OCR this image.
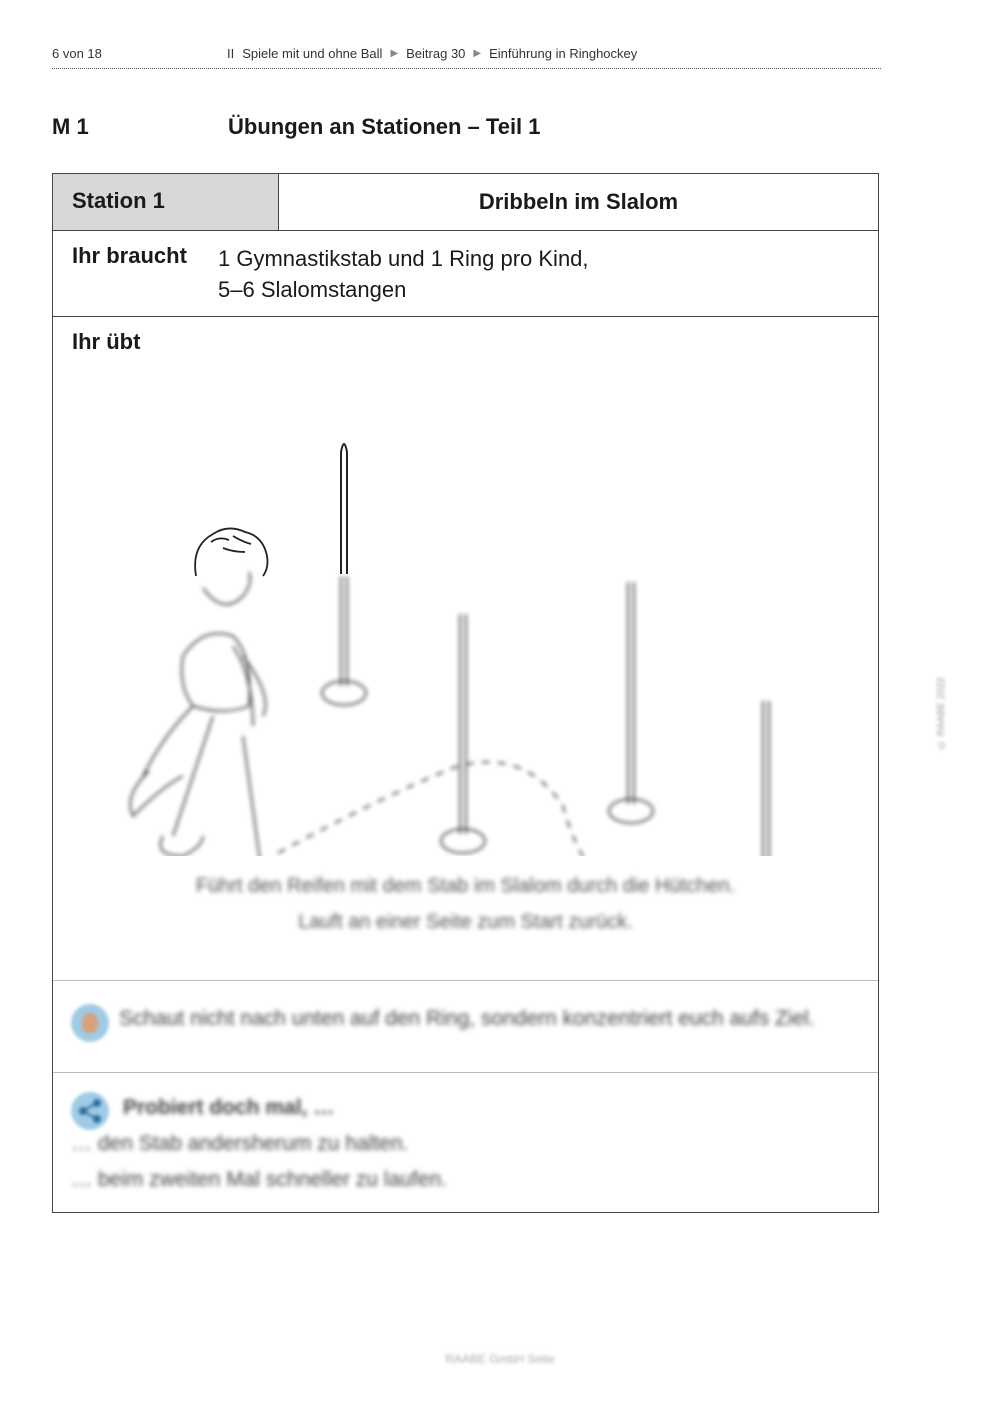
6 von 18	II Spiele mit und ohne Ball ▶ Beitrag 30 ▶ Einführung in Ringhockey
M 1	Übungen an Stationen – Teil 1
Station 1	Dribbeln im Slalom
Ihr braucht 1 Gymnastikstab und 1 Ring pro Kind,
5–6 Slalomstangen
Ihr übt
Führt den Reifen mit dem Stab im Slalom durch die Hütchen.
Lauft an einer Seite zum Start zurück.
Schaut nicht nach unten auf den Ring, sondern konzentriert euch aufs Ziel.
Probiert doch mal, …
… den Stab andersherum zu halten.
… beim zweiten Mal schneller zu laufen.
© RAABE 2022
RAABE GmbH Seite
